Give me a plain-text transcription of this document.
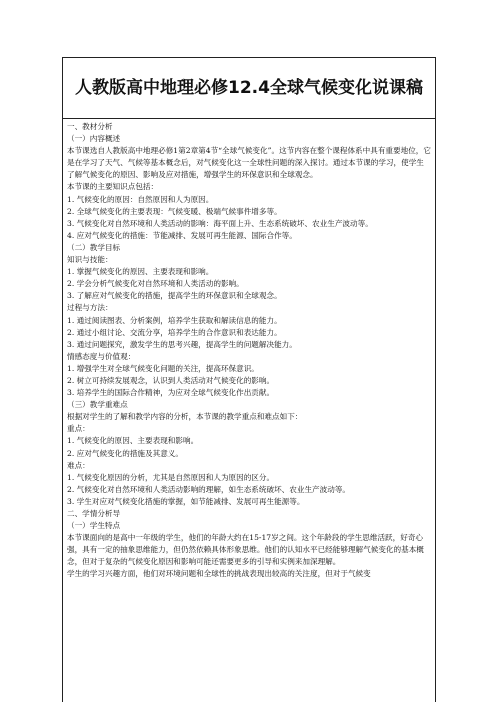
人教版高中地理必修12.4全球气候变化说课稿

一、教材分析

（一）内容概述

本节课选自人教版高中地理必修1第2章第4节“全球气候变化”。这节内容在整个课程体系中具有重要地位，它是在学习了天气、气候等基本概念后，对气候变化这一全球性问题的深入探讨。通过本节课的学习，使学生了解气候变化的原因、影响及应对措施，增强学生的环保意识和全球观念。

本节课的主要知识点包括：

1. 气候变化的原因：自然原因和人为原因。

2. 全球气候变化的主要表现：气候变暖、极端气候事件增多等。

3. 气候变化对自然环境和人类活动的影响：海平面上升、生态系统破坏、农业生产波动等。

4. 应对气候变化的措施：节能减排、发展可再生能源、国际合作等。

（二）教学目标

知识与技能：

1. 掌握气候变化的原因、主要表现和影响。

2. 学会分析气候变化对自然环境和人类活动的影响。

3. 了解应对气候变化的措施，提高学生的环保意识和全球观念。

过程与方法：

1. 通过阅读图表、分析案例，培养学生获取和解读信息的能力。

2. 通过小组讨论、交流分享，培养学生的合作意识和表达能力。

3. 通过问题探究，激发学生的思考兴趣，提高学生的问题解决能力。

情感态度与价值观：

1. 增强学生对全球气候变化问题的关注，提高环保意识。

2. 树立可持续发展观念，认识到人类活动对气候变化的影响。

3. 培养学生的国际合作精神，为应对全球气候变化作出贡献。

（三）教学重难点

根据对学生的了解和教学内容的分析，本节课的教学重点和难点如下：

重点：

1. 气候变化的原因、主要表现和影响。

2. 应对气候变化的措施及其意义。

难点：

1. 气候变化原因的分析，尤其是自然原因和人为原因的区分。

2. 气候变化对自然环境和人类活动影响的理解，如生态系统破坏、农业生产波动等。

3. 学生对应对气候变化措施的掌握，如节能减排、发展可再生能源等。

二、学情分析导

（一）学生特点

本节课面向的是高中一年级的学生，他们的年龄大约在15-17岁之间。这个年龄段的学生思维活跃，好奇心强，具有一定的抽象思维能力，但仍然依赖具体形象思维。他们的认知水平已经能够理解气候变化的基本概念，但对于复杂的气候变化原因和影响可能还需要更多的引导和实例来加深理解。

学生的学习兴趣方面，他们对环境问题和全球性的挑战表现出较高的关注度，但对于气候变
